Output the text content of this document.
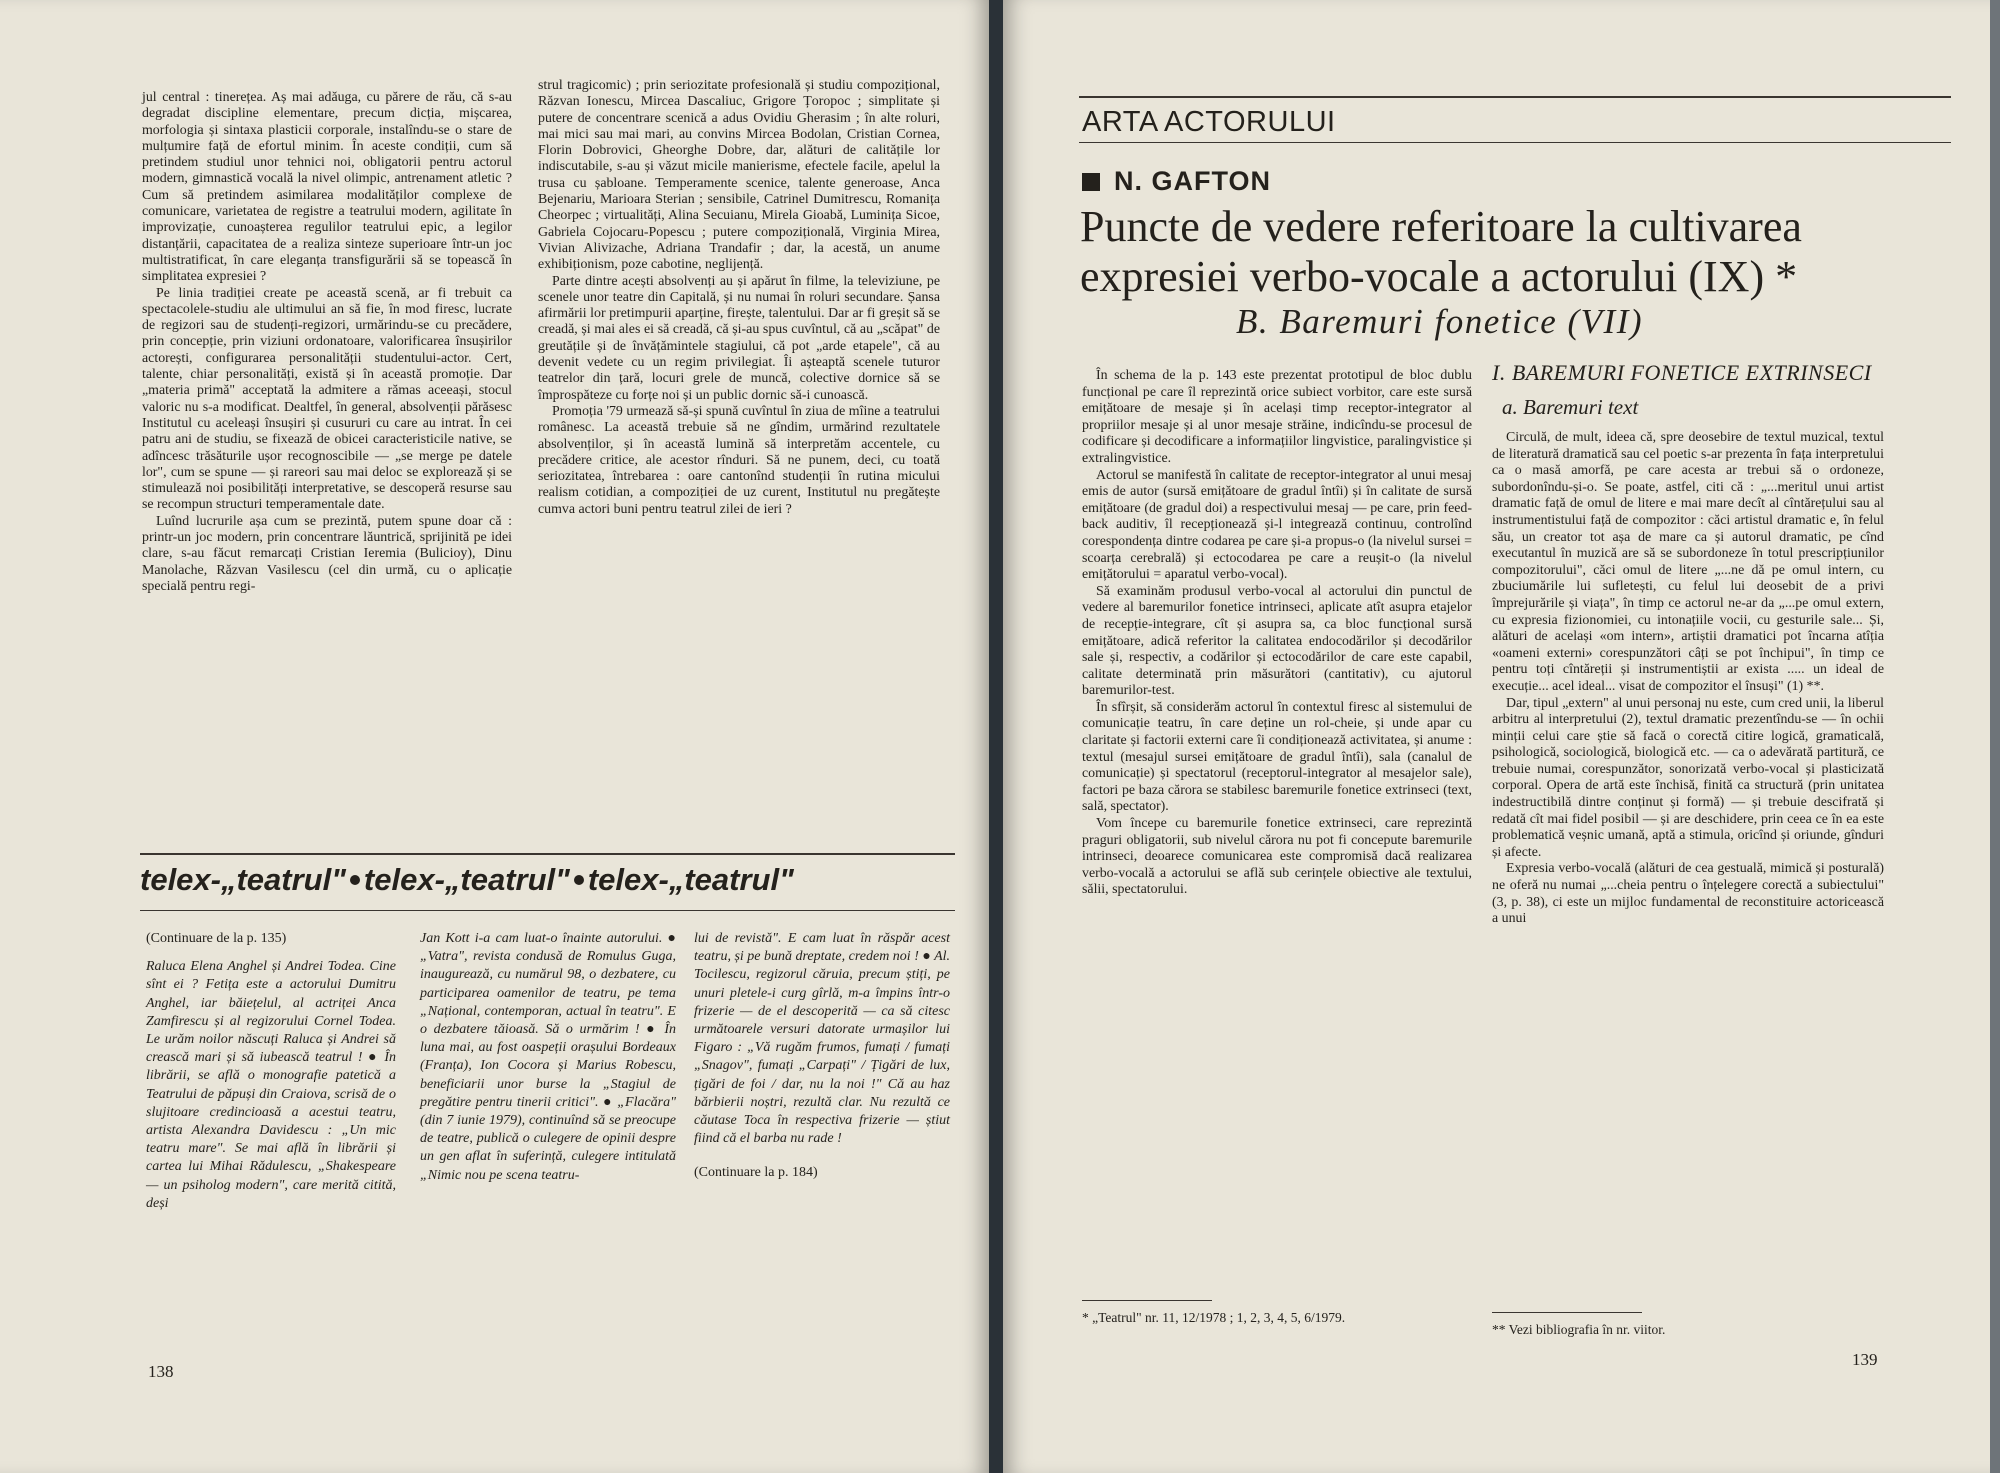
jul central : tinerețea. Aș mai adăuga, cu părere de rău, că s-au degradat discipline elementare, precum dicția, mișcarea, morfologia și sintaxa plasticii corporale, instalîndu-se o stare de mulțumire față de efortul minim. În aceste condiții, cum să pretindem studiul unor tehnici noi, obligatorii pentru actorul modern, gimnastică vocală la nivel olimpic, antrenament atletic ? Cum să pretindem asimilarea modalităților complexe de comunicare, varietatea de registre a teatrului modern, agilitate în improvizație, cunoașterea regulilor teatrului epic, a legilor distanțării, capacitatea de a realiza sinteze superioare într-un joc multistratificat, în care eleganța transfigurării să se topească în simplitatea expresiei ?

Pe linia tradiției create pe această scenă, ar fi trebuit ca spectacolele-studiu ale ultimului an să fie, în mod firesc, lucrate de regizori sau de studenți-regizori, urmărindu-se cu precădere, prin concepție, prin viziuni ordonatoare, valorificarea însușirilor actorești, configurarea personalității studentului-actor. Cert, talente, chiar personalități, există și în această promoție. Dar „materia primă" acceptată la admitere a rămas aceeași, stocul valoric nu s-a modificat. Dealtfel, în general, absolvenții părăsesc Institutul cu aceleași însușiri și cusururi cu care au intrat. În cei patru ani de studiu, se fixează de obicei caracteristicile native, se adîncesc trăsăturile ușor recognoscibile — „se merge pe datele lor", cum se spune — și rareori sau mai deloc se explorează și se stimulează noi posibilități interpretative, se descoperă resurse sau se recompun structuri temperamentale date.

Luînd lucrurile așa cum se prezintă, putem spune doar că : printr-un joc modern, prin concentrare lăuntrică, sprijinită pe idei clare, s-au făcut remarcați Cristian Ieremia (Bulicioy), Dinu Manolache, Răzvan Vasilescu (cel din urmă, cu o aplicație specială pentru regi-

strul tragicomic) ; prin seriozitate profesională și studiu compozițional, Răzvan Ionescu, Mircea Dascaliuc, Grigore Țoropoc ; simplitate și putere de concentrare scenică a adus Ovidiu Gherasim ; în alte roluri, mai mici sau mai mari, au convins Mircea Bodolan, Cristian Cornea, Florin Dobrovici, Gheorghe Dobre, dar, alături de calitățile lor indiscutabile, s-au și văzut micile manierisme, efectele facile, apelul la trusa cu șabloane. Temperamente scenice, talente generoase, Anca Bejenariu, Marioara Sterian ; sensibile, Catrinel Dumitrescu, Romanița Cheorpec ; virtualități, Alina Secuianu, Mirela Gioabă, Luminița Sicoe, Gabriela Cojocaru-Popescu ; putere compozițională, Virginia Mirea, Vivian Alivizache, Adriana Trandafir ; dar, la acestă, un anume exhibiționism, poze cabotine, neglijență.

Parte dintre acești absolvenți au și apărut în filme, la televiziune, pe scenele unor teatre din Capitală, și nu numai în roluri secundare. Șansa afirmării lor pretimpurii aparține, firește, talentului. Dar ar fi greșit să se creadă, și mai ales ei să creadă, că și-au spus cuvîntul, că au „scăpat" de greutățile și de învățămintele stagiului, că pot „arde etapele", că au devenit vedete cu un regim privilegiat. Îi așteaptă scenele tuturor teatrelor din țară, locuri grele de muncă, colective dornice să se împrospăteze cu forțe noi și un public dornic să-i cunoască.

Promoția '79 urmează să-și spună cuvîntul în ziua de mîine a teatrului românesc. La această trebuie să ne gîndim, urmărind rezultatele absolvenților, și în această lumină să interpretăm accentele, cu precădere critice, ale acestor rînduri. Să ne punem, deci, cu toată seriozitatea, întrebarea : oare cantonînd studenții în rutina micului realism cotidian, a compoziției de uz curent, Institutul nu pregătește cumva actori buni pentru teatrul zilei de ieri ?

telex-„teatrul" telex-„teatrul" telex-„teatrul"

(Continuare de la p. 135)

Raluca Elena Anghel și Andrei Todea. Cine sînt ei ? Fetița este a actorului Dumitru Anghel, iar băiețelul, al actriței Anca Zamfirescu și al regizorului Cornel Todea. Le urăm noilor născuți Raluca și Andrei să crească mari și să iubească teatrul ! ● În librării, se află o monografie patetică a Teatrului de păpuși din Craiova, scrisă de o slujitoare credincioasă a acestui teatru, artista Alexandra Davidescu : „Un mic teatru mare". Se mai află în librării și cartea lui Mihai Rădulescu, „Shakespeare — un psiholog modern", care merită citită, deși

Jan Kott i-a cam luat-o înainte autorului. ● „Vatra", revista condusă de Romulus Guga, inaugurează, cu numărul 98, o dezbatere, cu participarea oamenilor de teatru, pe tema „Național, contemporan, actual în teatru". E o dezbatere tăioasă. Să o urmărim ! ● În luna mai, au fost oaspeții orașului Bordeaux (Franța), Ion Cocora și Marius Robescu, beneficiarii unor burse la „Stagiul de pregătire pentru tinerii critici". ● „Flacăra" (din 7 iunie 1979), continuînd să se preocupe de teatre, publică o culegere de opinii despre un gen aflat în suferință, culegere intitulată „Nimic nou pe scena teatru-

lui de revistă". E cam luat în răspăr acest teatru, și pe bună dreptate, credem noi ! ● Al. Tocilescu, regizorul căruia, precum știți, pe unuri pletele-i curg gîrlă, m-a împins într-o frizerie — de el descoperită — ca să citesc următoarele versuri datorate urmașilor lui Figaro : „Vă rugăm frumos, fumați / fumați „Snagov", fumați „Carpați" / Țigări de lux, țigări de foi / dar, nu la noi !" Că au haz bărbierii noștri, rezultă clar. Nu rezultă ce căutase Toca în respectiva frizerie — știut fiind că el barba nu rade !

(Continuare la p. 184)

138
ARTA ACTORULUI
N. GAFTON
Puncte de vedere referitoare la cultivarea expresiei verbo-vocale a actorului (IX) *
B. Baremuri fonetice (VII)

În schema de la p. 143 este prezentat prototipul de bloc dublu funcțional pe care îl reprezintă orice subiect vorbitor, care este sursă emițătoare de mesaje și în același timp receptor-integrator al propriilor mesaje și al unor mesaje străine, indicîndu-se procesul de codificare și decodificare a informațiilor lingvistice, paralingvistice și extralingvistice.

Actorul se manifestă în calitate de receptor-integrator al unui mesaj emis de autor (sursă emițătoare de gradul întîi) și în calitate de sursă emițătoare (de gradul doi) a respectivului mesaj — pe care, prin feed-back auditiv, îl recepționează și-l integrează continuu, controlînd corespondența dintre codarea pe care și-a propus-o (la nivelul sursei = scoarța cerebrală) și ectocodarea pe care a reușit-o (la nivelul emițătorului = aparatul verbo-vocal).

Să examinăm produsul verbo-vocal al actorului din punctul de vedere al baremurilor fonetice intrinseci, aplicate atît asupra etajelor de recepție-integrare, cît și asupra sa, ca bloc funcțional sursă emițătoare, adică referitor la calitatea endocodărilor și decodărilor sale și, respectiv, a codărilor și ectocodărilor de care este capabil, calitate determinată prin măsurători (cantitativ), cu ajutorul baremurilor-test.

În sfîrșit, să considerăm actorul în contextul firesc al sistemului de comunicație teatru, în care deține un rol-cheie, și unde apar cu claritate și factorii externi care îi condiționează activitatea, și anume : textul (mesajul sursei emițătoare de gradul întîi), sala (canalul de comunicație) și spectatorul (receptorul-integrator al mesajelor sale), factori pe baza cărora se stabilesc baremurile fonetice extrinseci (text, sală, spectator).

Vom începe cu baremurile fonetice extrinseci, care reprezintă praguri obligatorii, sub nivelul cărora nu pot fi concepute baremurile intrinseci, deoarece comunicarea este compromisă dacă realizarea verbo-vocală a actorului se află sub cerințele obiective ale textului, sălii, spectatorului.

* „Teatrul" nr. 11, 12/1978 ; 1, 2, 3, 4, 5, 6/1979.

I. BAREMURI FONETICE EXTRINSECI
a. Baremuri text

Circulă, de mult, ideea că, spre deosebire de textul muzical, textul de literatură dramatică sau cel poetic s-ar prezenta în fața interpretului ca o masă amorfă, pe care acesta ar trebui să o ordoneze, subordonîndu-și-o. Se poate, astfel, citi că : „...meritul unui artist dramatic față de omul de litere e mai mare decît al cîntărețului sau al instrumentistului față de compozitor : căci artistul dramatic e, în felul său, un creator tot așa de mare ca și autorul dramatic, pe cînd executantul în muzică are să se subordoneze în totul prescripțiunilor compozitorului", căci omul de litere „...ne dă pe omul intern, cu zbuciumările lui sufletești, cu felul lui deosebit de a privi împrejurările și viața", în timp ce actorul ne-ar da „...pe omul extern, cu expresia fizionomiei, cu intonațiile vocii, cu gesturile sale... Și, alături de același «om intern», artiștii dramatici pot încarna atîția «oameni externi» corespunzători câți se pot închipui", în timp ce pentru toți cîntăreții și instrumentiștii ar exista ..... un ideal de execuție... acel ideal... visat de compozitor el însuși" (1) **.

Dar, tipul „extern" al unui personaj nu este, cum cred unii, la liberul arbitru al interpretului (2), textul dramatic prezentîndu-se — în ochii minții celui care știe să facă o corectă citire logică, gramaticală, psihologică, sociologică, biologică etc. — ca o adevărată partitură, ce trebuie numai, corespunzător, sonorizată verbo-vocal și plasticizată corporal. Opera de artă este închisă, finită ca structură (prin unitatea indestructibilă dintre conținut și formă) — și trebuie descifrată și redată cît mai fidel posibil — și are deschidere, prin ceea ce în ea este problematică veșnic umană, aptă a stimula, oricînd și oriunde, gînduri și afecte.

Expresia verbo-vocală (alături de cea gestuală, mimică și posturală) ne oferă nu numai „...cheia pentru o înțelegere corectă a subiectului" (3, p. 38), ci este un mijloc fundamental de reconstituire actoricească a unui

** Vezi bibliografia în nr. viitor.

139
